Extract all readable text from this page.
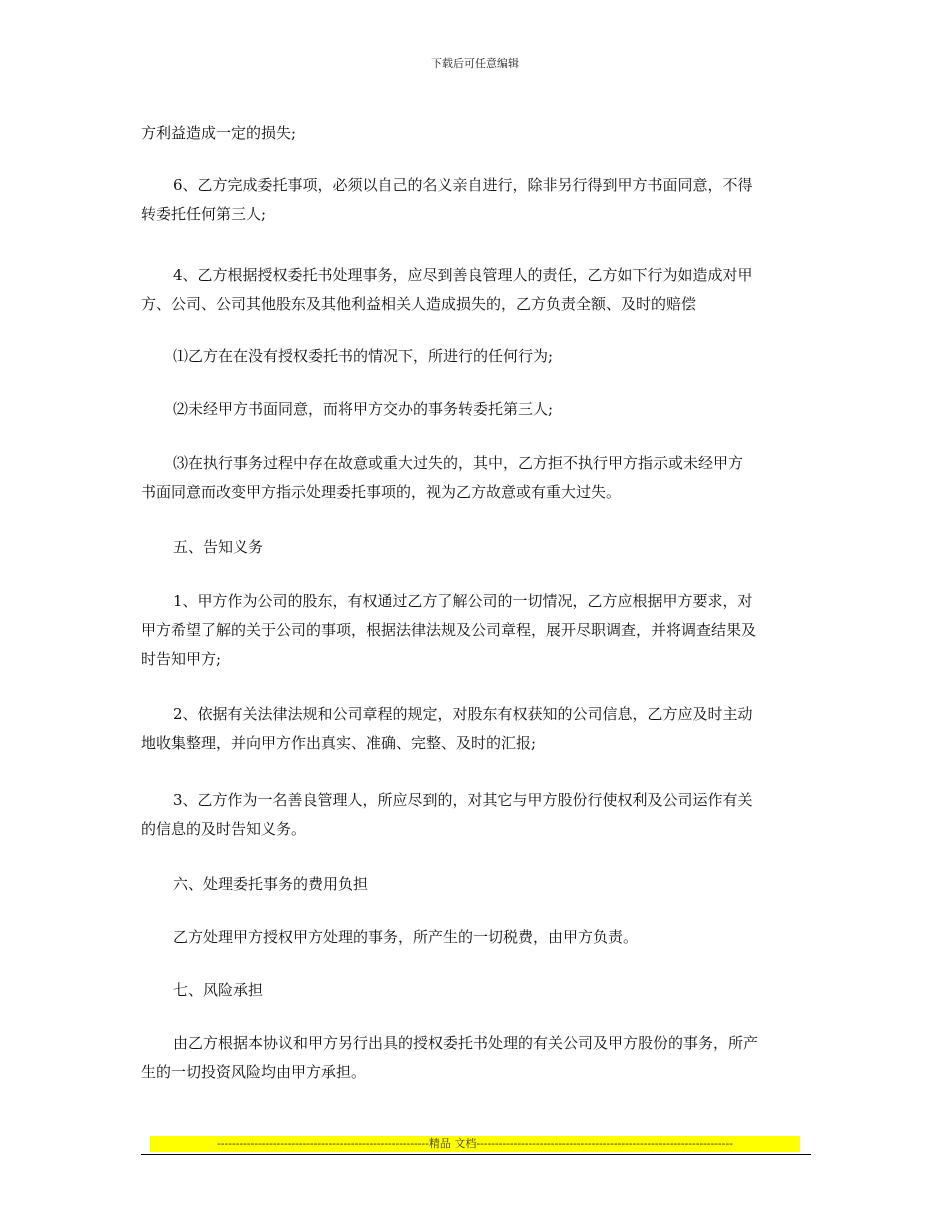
下载后可任意编辑
方利益造成一定的损失;
6、乙方完成委托事项，必须以自己的名义亲自进行，除非另行得到甲方书面同意，不得
转委托任何第三人;
4、乙方根据授权委托书处理事务，应尽到善良管理人的责任，乙方如下行为如造成对甲
方、公司、公司其他股东及其他利益相关人造成损失的，乙方负责全额、及时的赔偿
⑴乙方在在没有授权委托书的情况下，所进行的任何行为;
⑵未经甲方书面同意，而将甲方交办的事务转委托第三人;
⑶在执行事务过程中存在故意或重大过失的，其中，乙方拒不执行甲方指示或未经甲方
书面同意而改变甲方指示处理委托事项的，视为乙方故意或有重大过失。
五、告知义务
1、甲方作为公司的股东，有权通过乙方了解公司的一切情况，乙方应根据甲方要求，对
甲方希望了解的关于公司的事项，根据法律法规及公司章程，展开尽职调查，并将调查结果及
时告知甲方;
2、依据有关法律法规和公司章程的规定，对股东有权获知的公司信息，乙方应及时主动
地收集整理，并向甲方作出真实、准确、完整、及时的汇报;
3、乙方作为一名善良管理人，所应尽到的，对其它与甲方股份行使权利及公司运作有关
的信息的及时告知义务。
六、处理委托事务的费用负担
乙方处理甲方授权甲方处理的事务，所产生的一切税费，由甲方负责。
七、风险承担
由乙方根据本协议和甲方另行出具的授权委托书处理的有关公司及甲方股份的事务，所产
生的一切投资风险均由甲方承担。
---------------------------------------------------------精品 文档---------------------------------------------------------------------
